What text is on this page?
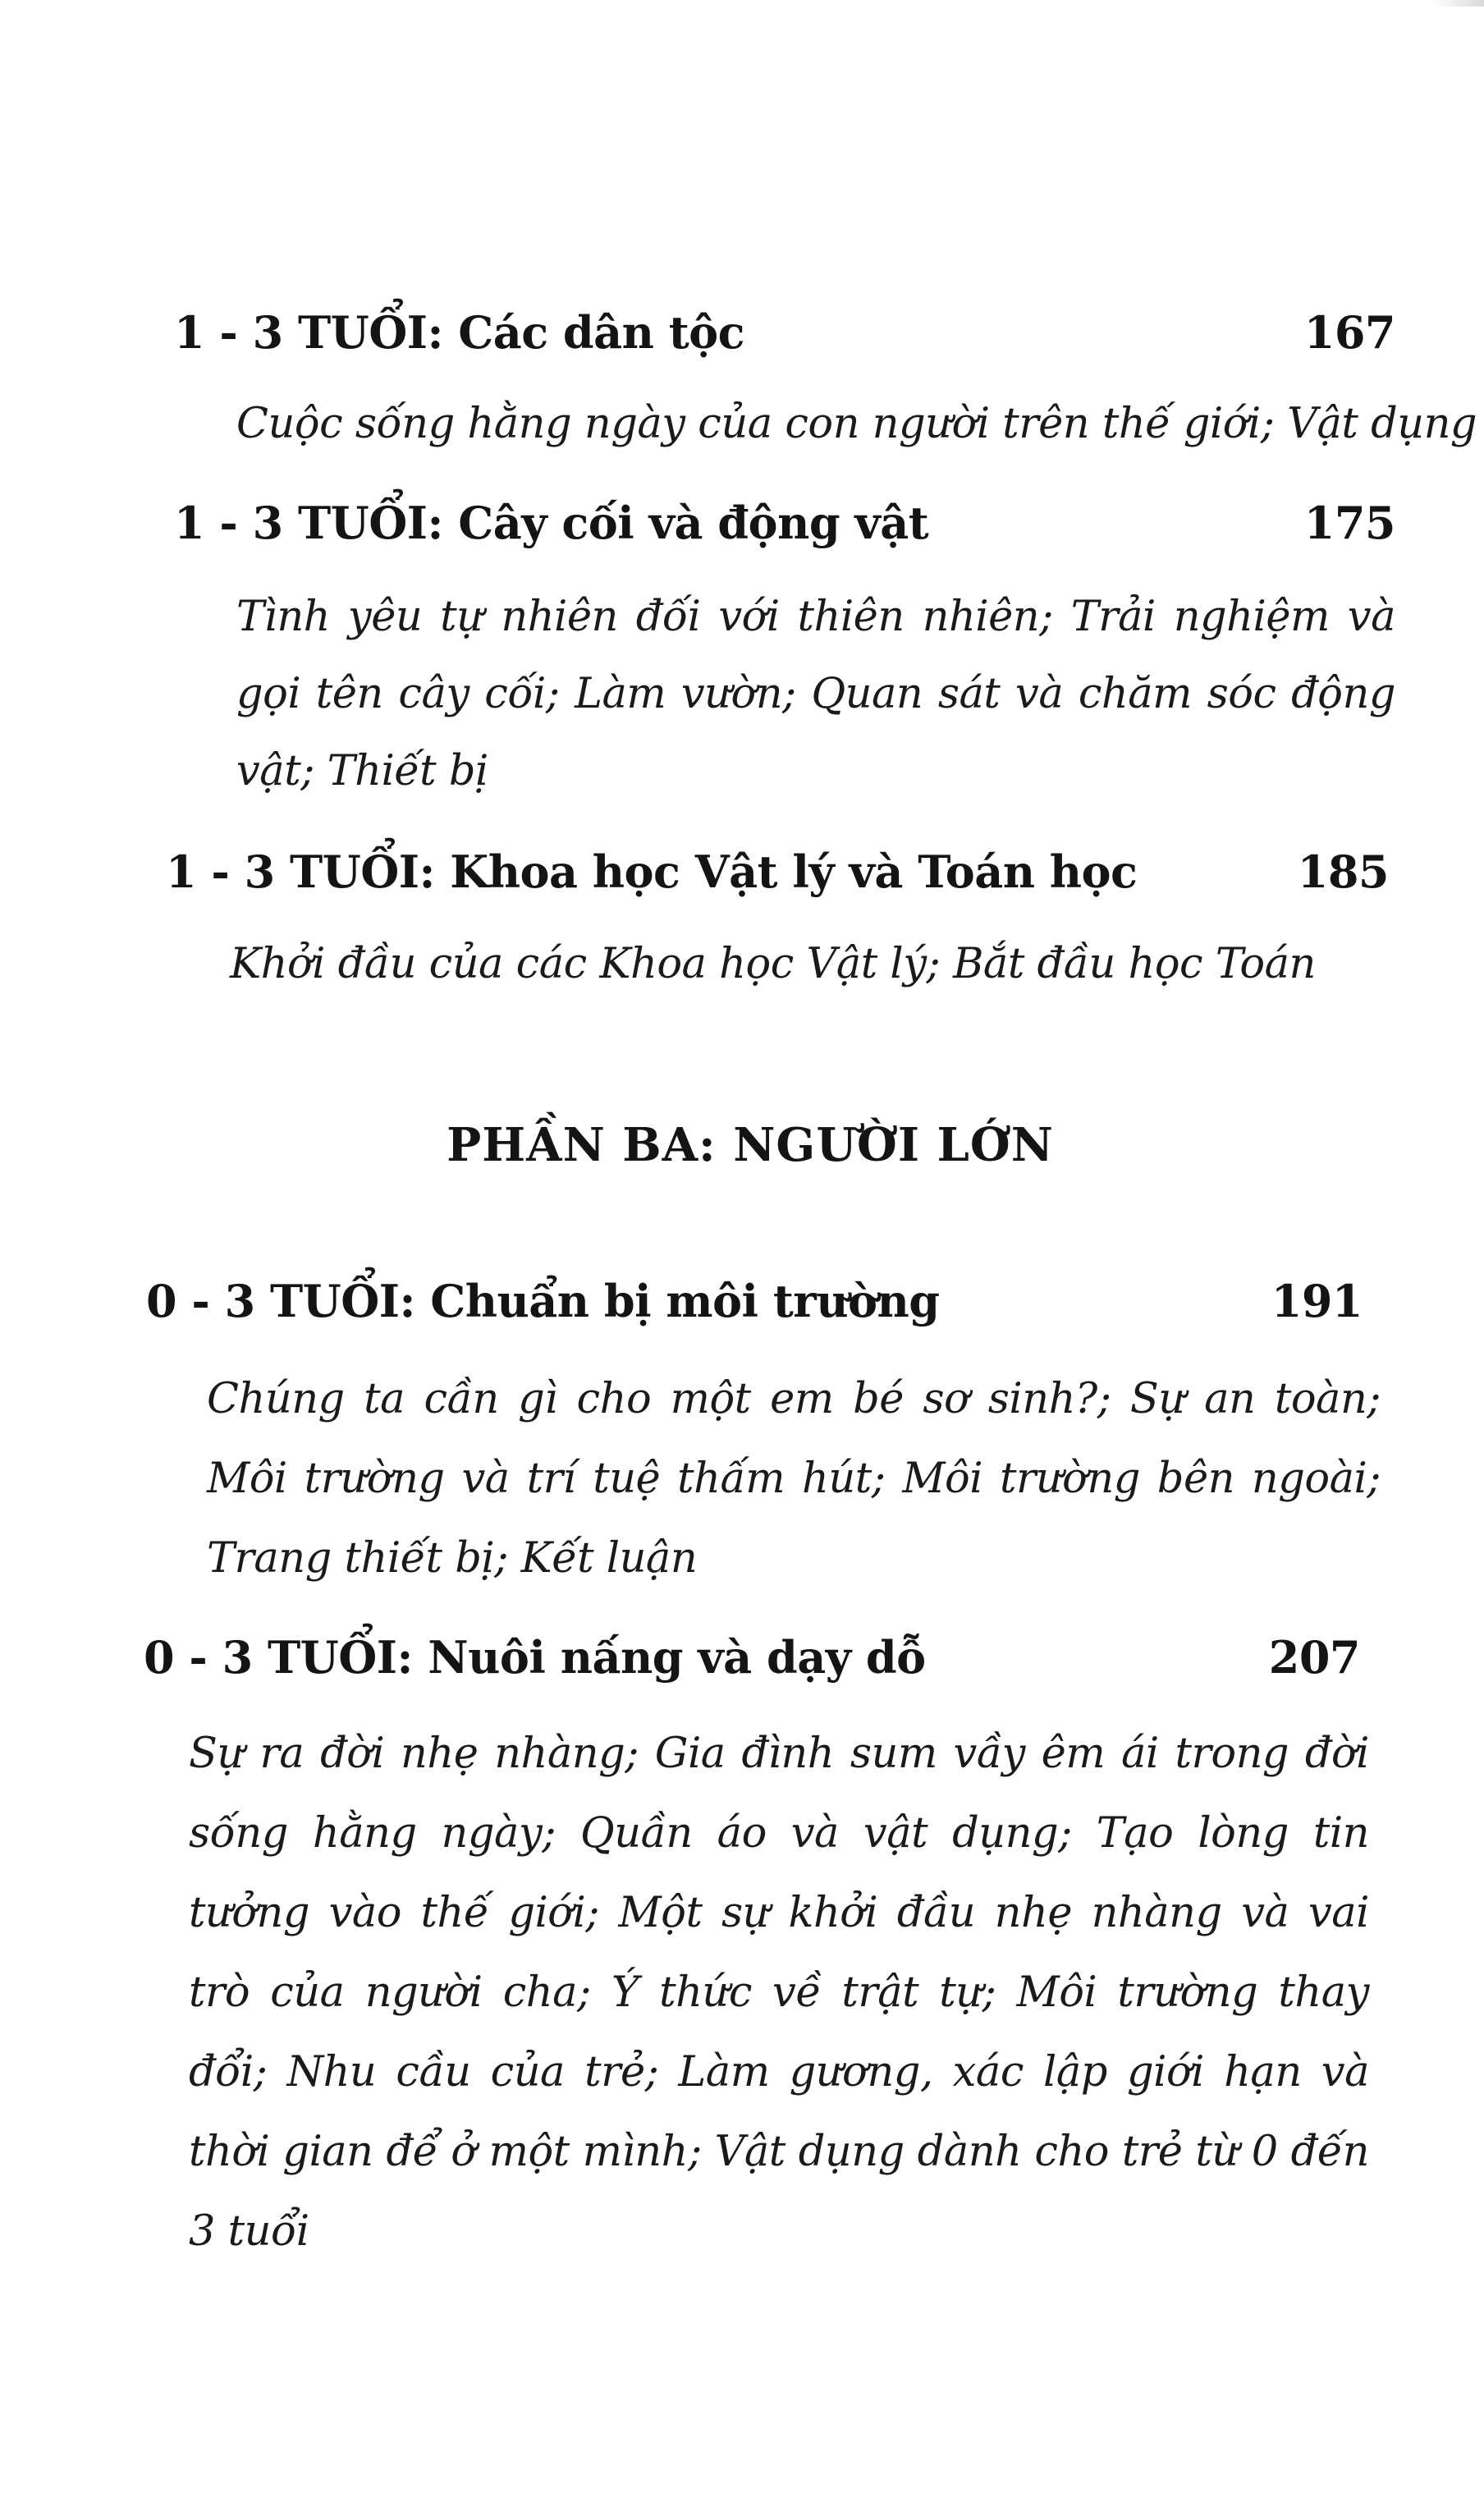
1 - 3 TUỔI: Các dân tộc	167
Cuộc sống hằng ngày của con người trên thế giới; Vật dụng
1 - 3 TUỔI: Cây cối và động vật	175
Tình yêu tự nhiên đối với thiên nhiên; Trải nghiệm và gọi tên cây cối; Làm vườn; Quan sát và chăm sóc động vật; Thiết bị
1 - 3 TUỔI: Khoa học Vật lý và Toán học	185
Khởi đầu của các Khoa học Vật lý; Bắt đầu học Toán
PHẦN BA: NGƯỜI LỚN
0 - 3 TUỔI: Chuẩn bị môi trường	191
Chúng ta cần gì cho một em bé sơ sinh?; Sự an toàn; Môi trường và trí tuệ thấm hút; Môi trường bên ngoài; Trang thiết bị; Kết luận
0 - 3 TUỔI: Nuôi nấng và dạy dỗ	207
Sự ra đời nhẹ nhàng; Gia đình sum vầy êm ái trong đời sống hằng ngày; Quần áo và vật dụng; Tạo lòng tin tưởng vào thế giới; Một sự khởi đầu nhẹ nhàng và vai trò của người cha; Ý thức về trật tự; Môi trường thay đổi; Nhu cầu của trẻ; Làm gương, xác lập giới hạn và thời gian để ở một mình; Vật dụng dành cho trẻ từ 0 đến 3 tuổi
